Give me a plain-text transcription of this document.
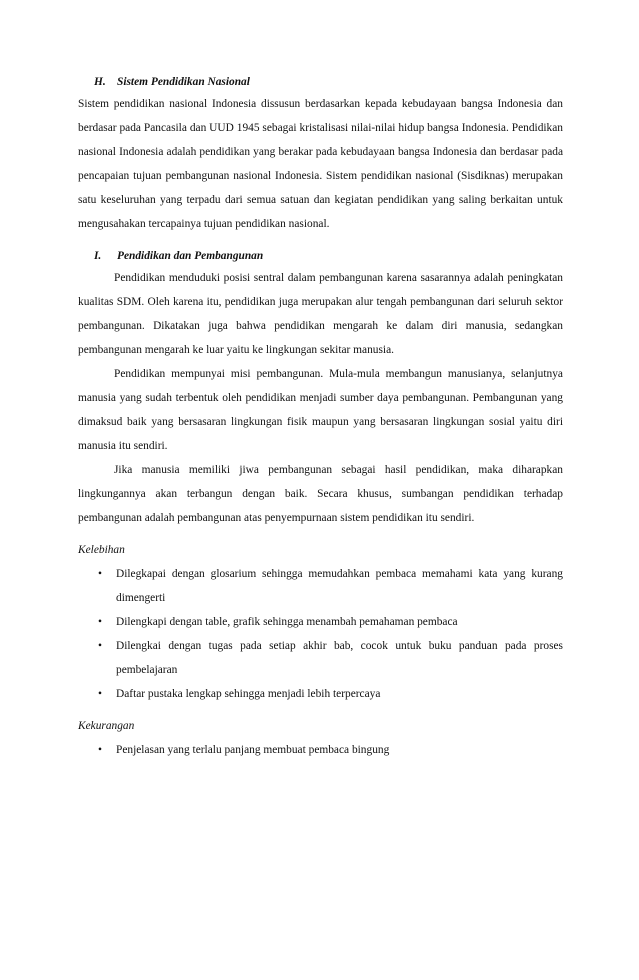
H. Sistem Pendidikan Nasional

Sistem pendidikan nasional Indonesia dissusun berdasarkan kepada kebudayaan bangsa Indonesia dan berdasar pada Pancasila dan UUD 1945 sebagai kristalisasi nilai-nilai hidup bangsa Indonesia. Pendidikan nasional Indonesia adalah pendidikan yang berakar pada kebudayaan bangsa Indonesia dan berdasar pada pencapaian tujuan pembangunan nasional Indonesia. Sistem pendidikan nasional (Sisdiknas) merupakan satu keseluruhan yang terpadu dari semua satuan dan kegiatan pendidikan yang saling berkaitan untuk mengusahakan tercapainya tujuan pendidikan nasional.

I. Pendidikan dan Pembangunan

Pendidikan menduduki posisi sentral dalam pembangunan karena sasarannya adalah peningkatan kualitas SDM. Oleh karena itu, pendidikan juga merupakan alur tengah pembangunan dari seluruh sektor pembangunan. Dikatakan juga bahwa pendidikan mengarah ke dalam diri manusia, sedangkan pembangunan mengarah ke luar yaitu ke lingkungan sekitar manusia.

Pendidikan mempunyai misi pembangunan. Mula-mula membangun manusianya, selanjutnya manusia yang sudah terbentuk oleh pendidikan menjadi sumber daya pembangunan. Pembangunan yang dimaksud baik yang bersasaran lingkungan fisik maupun yang bersasaran lingkungan sosial yaitu diri manusia itu sendiri.

Jika manusia memiliki jiwa pembangunan sebagai hasil pendidikan, maka diharapkan lingkungannya akan terbangun dengan baik. Secara khusus, sumbangan pendidikan terhadap pembangunan adalah pembangunan atas penyempurnaan sistem pendidikan itu sendiri.

Kelebihan

• Dilegkapai dengan glosarium sehingga memudahkan pembaca memahami kata yang kurang dimengerti
• Dilengkapi dengan table, grafik sehingga menambah pemahaman pembaca
• Dilengkai dengan tugas pada setiap akhir bab, cocok untuk buku panduan pada proses pembelajaran
• Daftar pustaka lengkap sehingga menjadi lebih terpercaya

Kekurangan

• Penjelasan yang terlalu panjang membuat pembaca bingung
